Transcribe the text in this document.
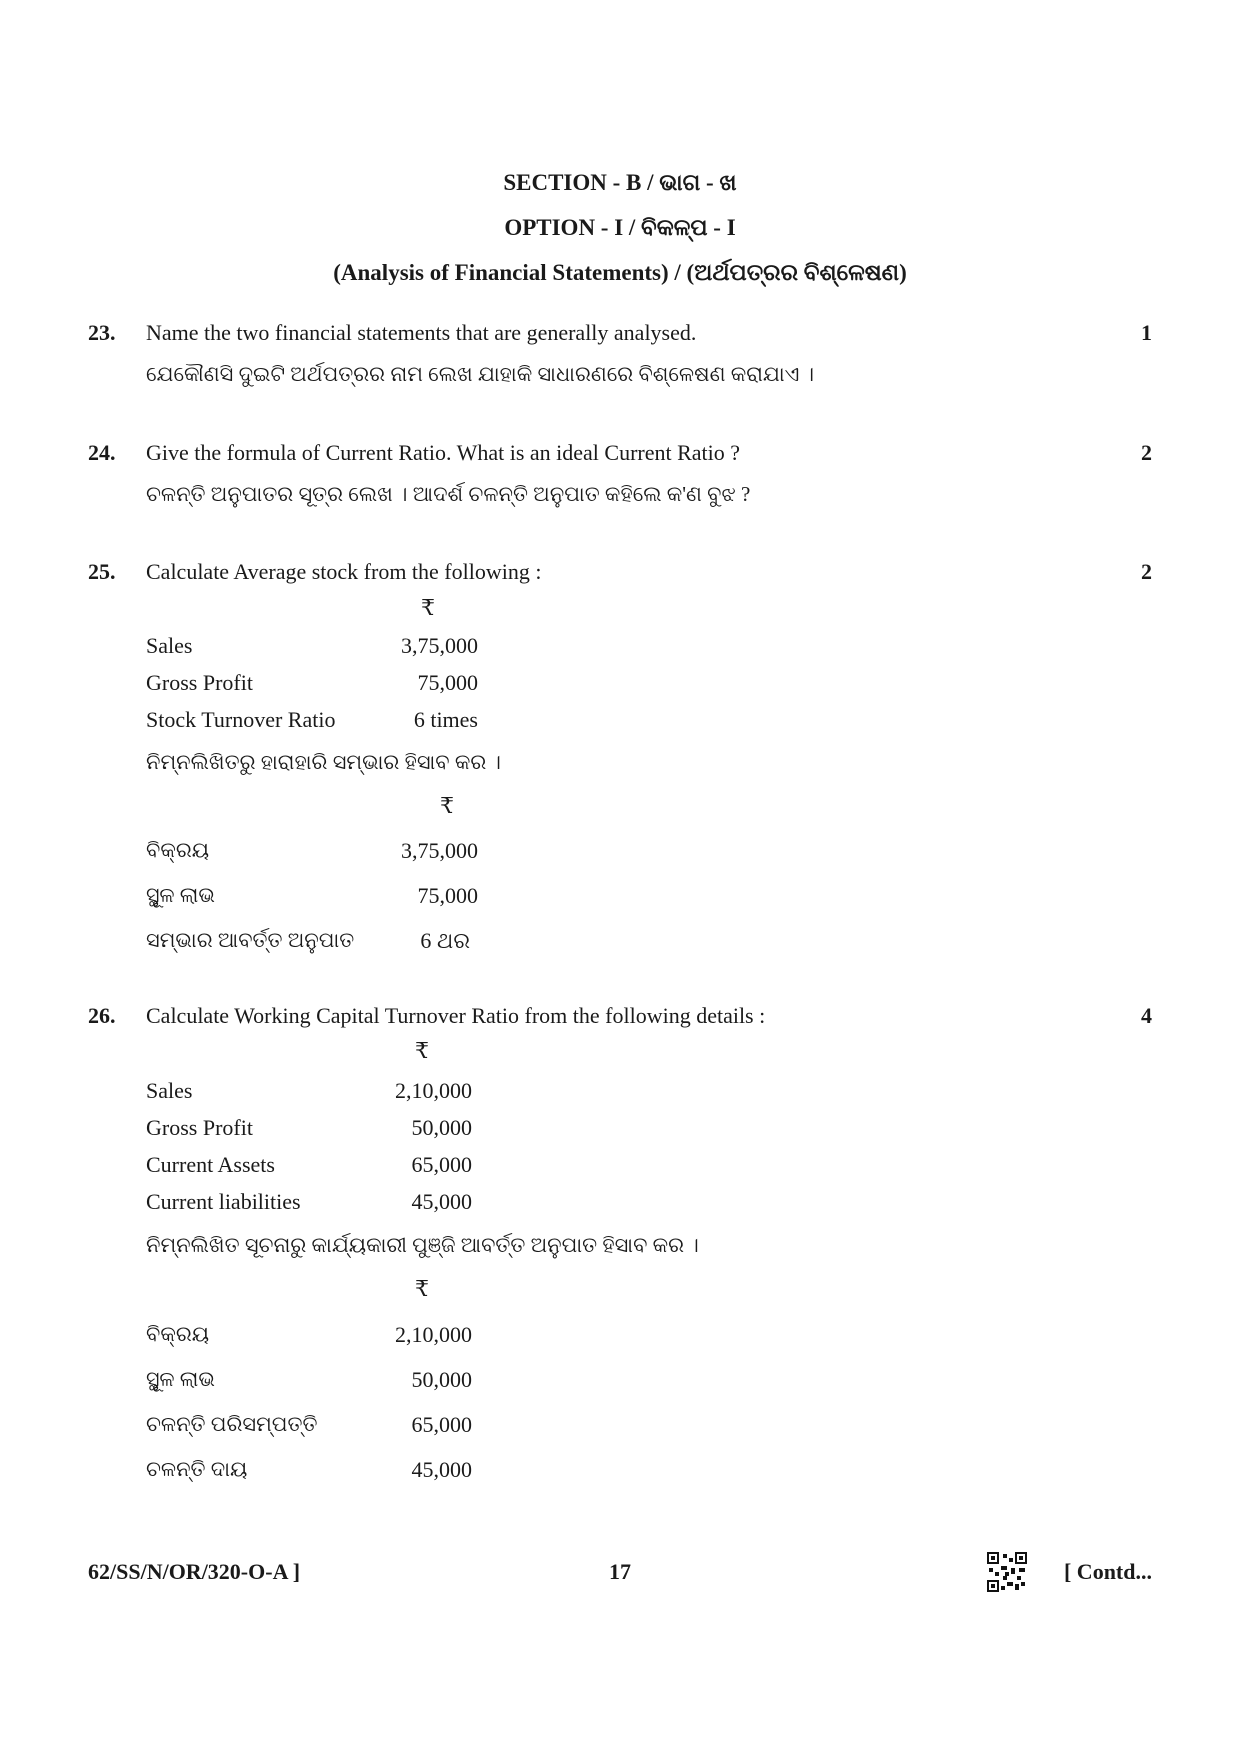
SECTION - B / ଭାଗ - ଖ
OPTION - I / ବିକଳ୍ପ - I
(Analysis of Financial Statements) / (ଅର୍ଥପତ୍ରର ବିଶ୍ଳେଷଣ)
23. Name the two financial statements that are generally analysed.	1
ଯେକୌଣସି ଦୁଇଟି ଅର୍ଥପତ୍ରର ନାମ ଲେଖ ଯାହାକି ସାଧାରଣରେ ବିଶ୍ଳେଷଣ କରାଯାଏ ।
24. Give the formula of Current Ratio. What is an ideal Current Ratio ?	2
ଚଳନ୍ତି ଅନୁପାତର ସୂତ୍ର ଲେଖ । ଆଦର୍ଶ ଚଳନ୍ତି ଅନୁପାତ କହିଲେ କ'ଣ ବୁଝ ?
25. Calculate Average stock from the following :	2
₹
Sales	3,75,000
Gross Profit	75,000
Stock Turnover Ratio	6 times
ନିମ୍ନଲିଖିତରୁ ହାରାହାରି ସମ୍ଭାର ହିସାବ କର ।
₹
ବିକ୍ରୟ	3,75,000
ସ୍ଥୂଳ ଲାଭ	75,000
ସମ୍ଭାର ଆବର୍ତ୍ତ ଅନୁପାତ	6 ଥର
26. Calculate Working Capital Turnover Ratio from the following details :	4
₹
Sales	2,10,000
Gross Profit	50,000
Current Assets	65,000
Current liabilities	45,000
ନିମ୍ନଲିଖିତ ସୂଚନାରୁ କାର୍ଯ୍ୟକାରୀ ପୁଞ୍ଜି ଆବର୍ତ୍ତ ଅନୁପାତ ହିସାବ କର ।
₹
ବିକ୍ରୟ	2,10,000
ସ୍ଥୂଳ ଲାଭ	50,000
ଚଳନ୍ତି ପରିସମ୍ପତ୍ତି	65,000
ଚଳନ୍ତି ଦାୟ	45,000
62/SS/N/OR/320-O-A ]	17	[ Contd...
